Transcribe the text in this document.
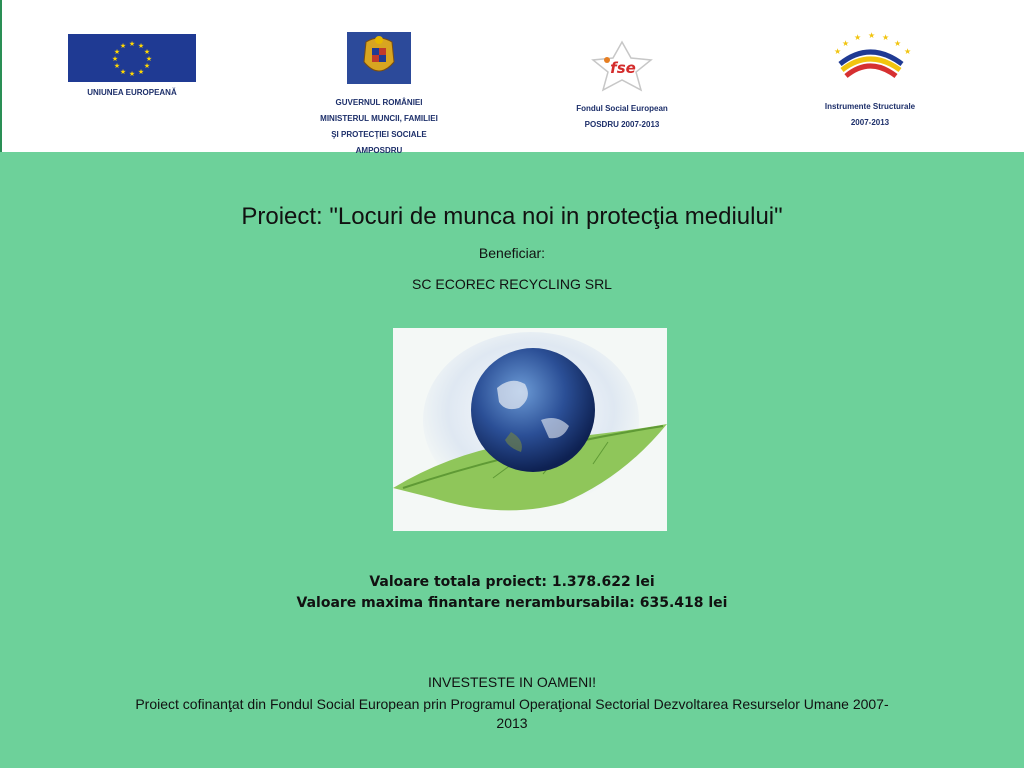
★ ★
★
★
★
★
★
★
★
★
★
★
UNIUNEA EUROPEANĂ

GUVERNUL ROMÂNIEI

MINISTERUL MUNCII, FAMILIEI

ŞI PROTECŢIEI SOCIALE

AMPOSDRU

fse

Fondul Social European

POSDRU 2007-2013

★
★ ★ ★
★
★
★

Instrumente Structurale

2007-2013

Proiect: "Locuri de munca noi in protecţia mediului"
Beneficiar:
SC ECOREC RECYCLING SRL
Valoare totala proiect: 1.378.622 lei
Valoare maxima finantare nerambursabila: 635.418 lei
INVESTESTE IN OAMENI!
Proiect cofinanţat din Fondul Social European prin Programul Operaţional Sectorial Dezvoltarea Resurselor Umane 2007-
2013
